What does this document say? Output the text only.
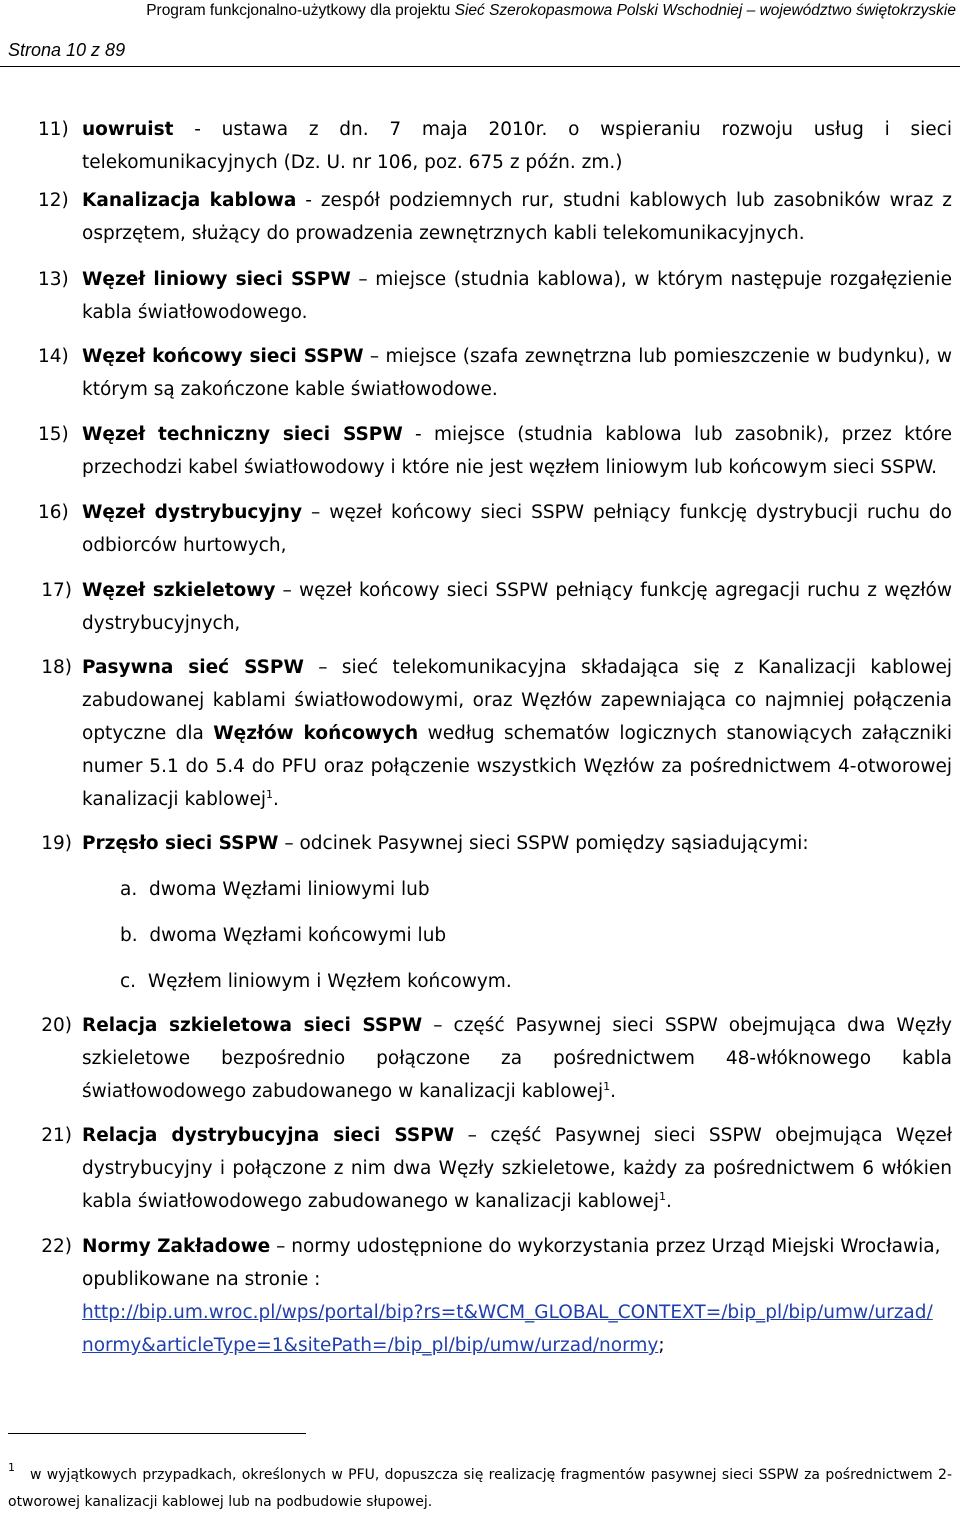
Program funkcjonalno-użytkowy dla projektu Sieć Szerokopasmowa Polski Wschodniej – województwo świętokrzyskie
Strona 10 z 89
11) uowruist - ustawa z dn. 7 maja 2010r. o wspieraniu rozwoju usług i sieci telekomunikacyjnych (Dz. U. nr 106, poz. 675 z późn. zm.)
12) Kanalizacja kablowa - zespół podziemnych rur, studni kablowych lub zasobników wraz z osprzętem, służący do prowadzenia zewnętrznych kabli telekomunikacyjnych.
13) Węzeł liniowy sieci SSPW – miejsce (studnia kablowa), w którym następuje rozgałęzienie kabla światłowodowego.
14) Węzeł końcowy sieci SSPW – miejsce (szafa zewnętrzna lub pomieszczenie w budynku), w którym są zakończone kable światłowodowe.
15) Węzeł techniczny sieci SSPW - miejsce (studnia kablowa lub zasobnik), przez które przechodzi kabel światłowodowy i które nie jest węzłem liniowym lub końcowym sieci SSPW.
16) Węzeł dystrybucyjny – węzeł końcowy sieci SSPW pełniący funkcję dystrybucji ruchu do odbiorców hurtowych,
17) Węzeł szkieletowy – węzeł końcowy sieci SSPW pełniący funkcję agregacji ruchu z węzłów dystrybucyjnych,
18) Pasywna sieć SSPW – sieć telekomunikacyjna składająca się z Kanalizacji kablowej zabudowanej kablami światłowodowymi, oraz Węzłów zapewniająca co najmniej połączenia optyczne dla Węzłów końcowych według schematów logicznych stanowiących załączniki numer 5.1 do 5.4 do PFU oraz połączenie wszystkich Węzłów za pośrednictwem 4-otworowej kanalizacji kablowej$^1$.
19) Przęsło sieci SSPW – odcinek Pasywnej sieci SSPW pomiędzy sąsiadującymi:
a. dwoma Węzłami liniowymi lub
b. dwoma Węzłami końcowymi lub
c. Węzłem liniowym i Węzłem końcowym.
20) Relacja szkieletowa sieci SSPW – część Pasywnej sieci SSPW obejmująca dwa Węzły szkieletowe bezpośrednio połączone za pośrednictwem 48-włóknowego kabla światłowodowego zabudowanego w kanalizacji kablowej$^1$.
21) Relacja dystrybucyjna sieci SSPW – część Pasywnej sieci SSPW obejmująca Węzeł dystrybucyjny i połączone z nim dwa Węzły szkieletowe, każdy za pośrednictwem 6 włókien kabla światłowodowego zabudowanego w kanalizacji kablowej$^1$.
22) Normy Zakładowe – normy udostępnione do wykorzystania przez Urząd Miejski Wrocławia, opublikowane na stronie :
http://bip.um.wroc.pl/wps/portal/bip?rs=t&WCM_GLOBAL_CONTEXT=/bip_pl/bip/umw/urzad/
normy&articleType=1&sitePath=/bip_pl/bip/umw/urzad/normy;
1 w wyjątkowych przypadkach, określonych w PFU, dopuszcza się realizację fragmentów pasywnej sieci SSPW za pośrednictwem 2-otworowej kanalizacji kablowej lub na podbudowie słupowej.
